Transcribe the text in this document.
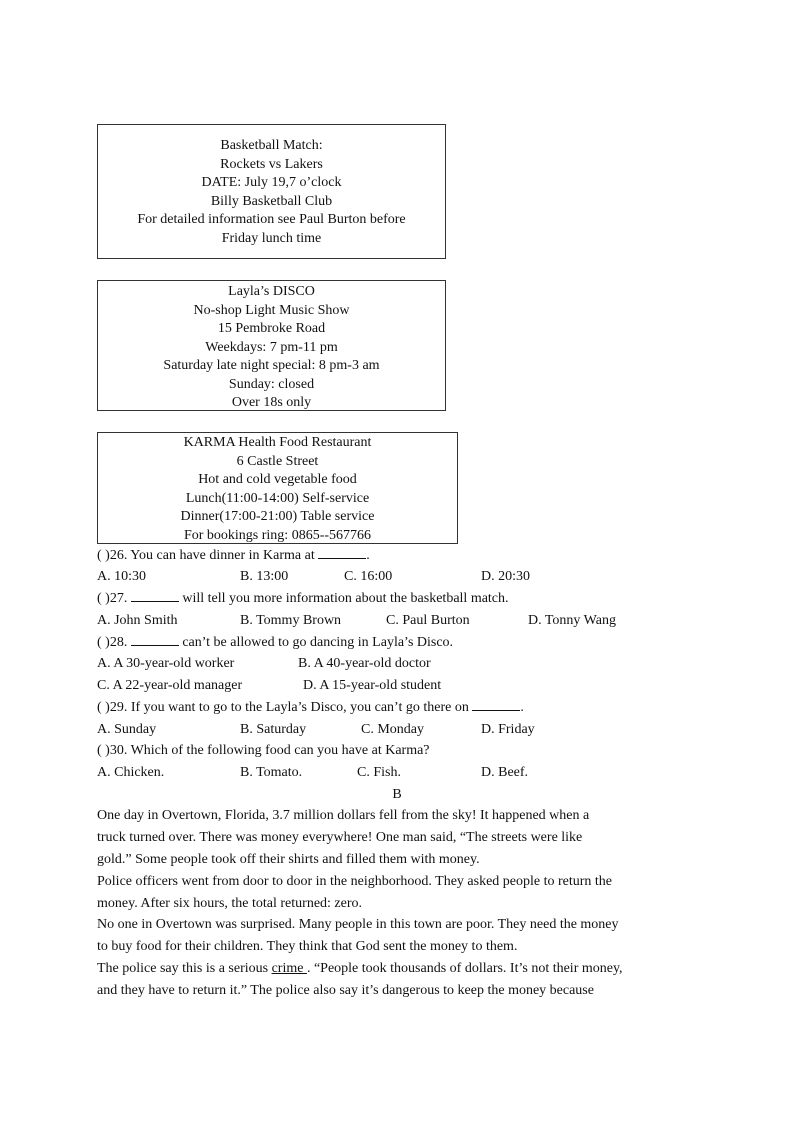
Basketball Match:
Rockets vs Lakers
DATE: July 19,7 o’clock
Billy Basketball Club
For detailed information see Paul Burton before
Friday lunch time
Layla’s DISCO
No-shop Light Music Show
15 Pembroke Road
Weekdays: 7 pm-11 pm
Saturday late night special: 8 pm-3 am
Sunday: closed
Over 18s only
KARMA Health Food Restaurant
6 Castle Street
Hot and cold vegetable food
Lunch(11:00-14:00) Self-service
Dinner(17:00-21:00) Table service
For bookings ring: 0865--567766
( )26. You can have dinner in Karma at	.
A. 10:30	B. 13:00	C. 16:00	D. 20:30
( )27.	will tell you more information about the basketball match.
A. John Smith	B. Tommy Brown	C. Paul Burton	D. Tonny Wang
( )28.	can’t be allowed to go dancing in Layla’s Disco.
A. A 30-year-old worker	B. A 40-year-old doctor
C. A 22-year-old manager	D. A 15-year-old student
( )29. If you want to go to the Layla’s Disco, you can’t go there on	.
A. Sunday	B. Saturday	C. Monday	D. Friday
( )30. Which of the following food can you have at Karma?
A. Chicken.	B. Tomato.	C. Fish.	D. Beef.
B
One day in Overtown, Florida, 3.7 million dollars fell from the sky! It happened when a
truck turned over. There was money everywhere! One man said, “The streets were like
gold.” Some people took off their shirts and filled them with money.
Police officers went from door to door in the neighborhood. They asked people to return the
money. After six hours, the total returned: zero.
No one in Overtown was surprised. Many people in this town are poor. They need the money
to buy food for their children. They think that God sent the money to them.
The police say this is a serious crime . “People took thousands of dollars. It’s not their money,
and they have to return it.” The police also say it’s dangerous to keep the money because
